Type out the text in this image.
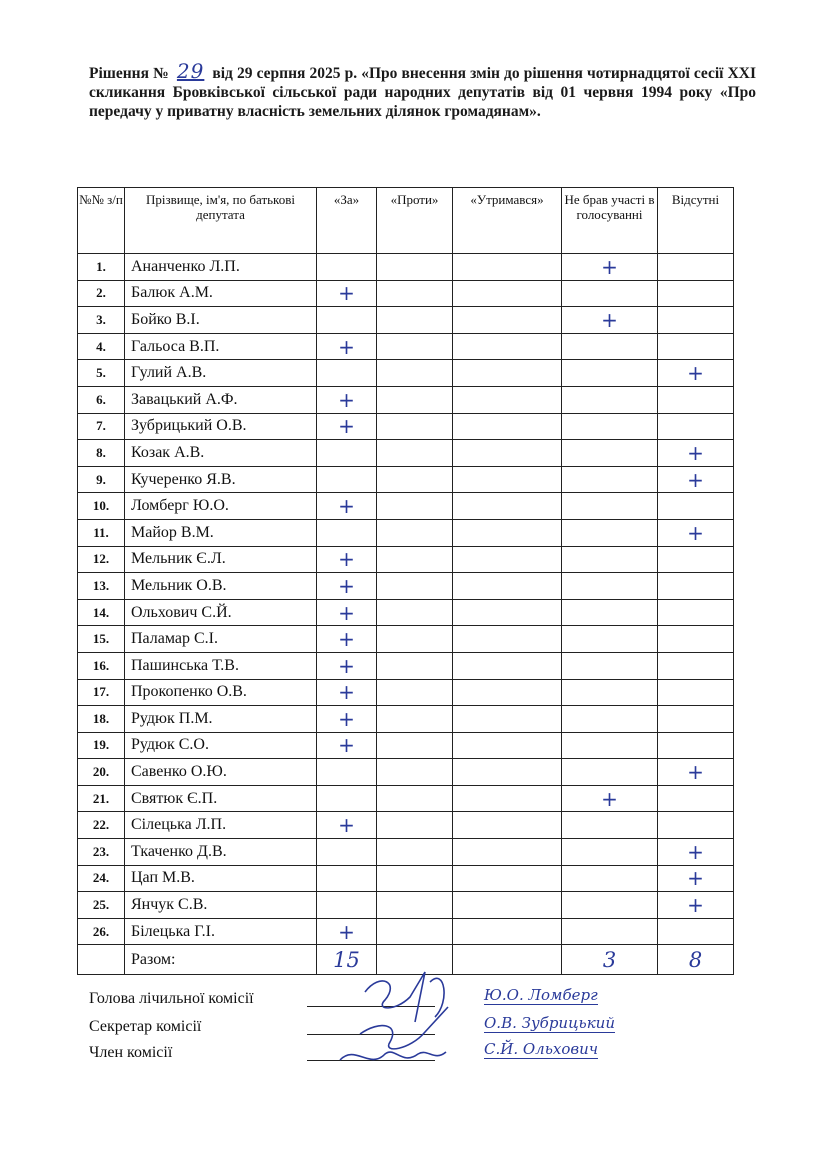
Рішення № 29 від 29 серпня 2025 р. «Про внесення змін до рішення чотирнадцятої сесії ХХІ скликання Бровківської сільської ради народних депутатів від 01 червня 1994 року «Про передачу у приватну власність земельних ділянок громадянам».
№№ з/п	Прізвище, ім'я, по батькові депутата	«За»	«Проти»	«Утримався»	Не брав участі в голосуванні	Відсутні
1.	Ананченко Л.П.				+	
2.	Балюк А.М.	+				
3.	Бойко В.І.				+	
4.	Гальоса В.П.	+				
5.	Гулий А.В.					+
6.	Завацький А.Ф.	+				
7.	Зубрицький О.В.	+				
8.	Козак А.В.					+
9.	Кучеренко Я.В.					+
10.	Ломберг Ю.О.	+				
11.	Майор В.М.					+
12.	Мельник Є.Л.	+				
13.	Мельник О.В.	+				
14.	Ольхович С.Й.	+				
15.	Паламар С.І.	+				
16.	Пашинська Т.В.	+				
17.	Прокопенко О.В.	+				
18.	Рудюк П.М.	+				
19.	Рудюк С.О.	+				
20.	Савенко О.Ю.					+
21.	Святюк Є.П.				+	
22.	Сілецька Л.П.	+				
23.	Ткаченко Д.В.					+
24.	Цап М.В.					+
25.	Янчук С.В.					+
26.	Білецька Г.І.	+				
	Разом:	15			3	8
Голова лічильної комісії	Ю.О. Ломберг
Секретар комісії	О.В. Зубрицький
Член комісії	С.Й. Ольхович
